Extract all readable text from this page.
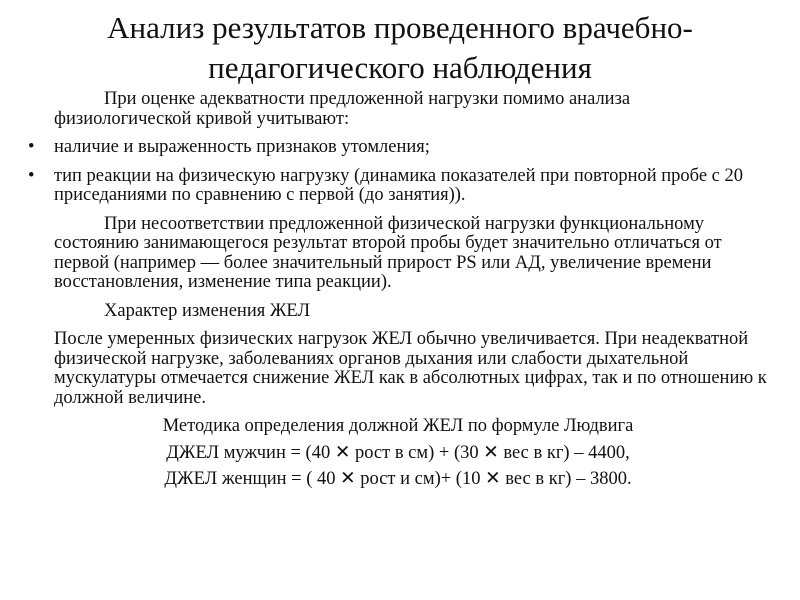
Анализ результатов проведенного врачебно-
педагогического наблюдения

При оценке адекватности предложенной нагрузки помимо анализа физиологической кривой учитывают:

•	наличие и выраженность признаков утомления;
•	тип реакции на физическую нагрузку (динамика показателей при повторной пробе с 20 приседаниями по сравнению с первой (до занятия)).

При несоответствии предложенной физической нагрузки функциональному состоянию занимающегося результат второй пробы будет значительно отличаться от первой (например — более значительный прирост PS или АД, увеличение времени восстановления, изменение типа реакции).

Характер изменения ЖЕЛ

После умеренных физических нагрузок ЖЕЛ обычно увеличивается. При неадекватной физической нагрузке, заболеваниях органов дыхания или слабости дыхательной мускулатуры отмечается снижение ЖЕЛ как в абсолютных цифрах, так и по отношению к должной величине.

Методика определения должной ЖЕЛ по формуле Людвига

ДЖЕЛ мужчин = (40 ✕ рост в см) + (30 ✕ вес в кг) – 4400,

ДЖЕЛ женщин = ( 40 ✕ рост и см)+ (10 ✕ вес в кг) – 3800.
